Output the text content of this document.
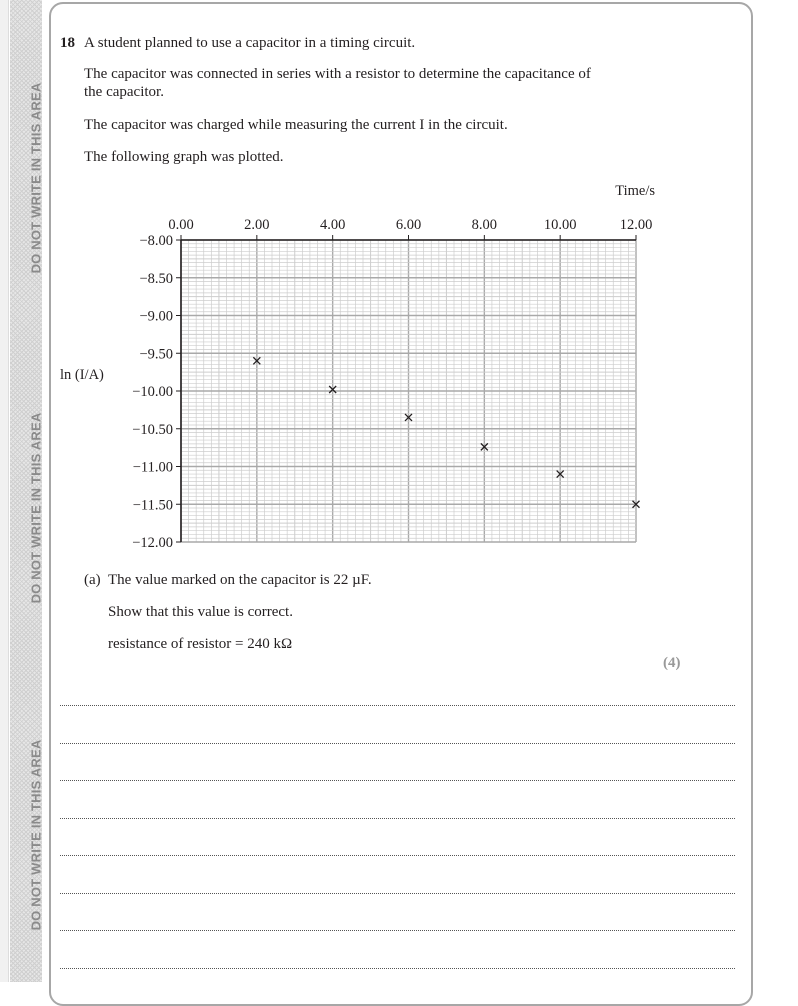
DO NOT WRITE IN THIS AREA
DO NOT WRITE IN THIS AREA
DO NOT WRITE IN THIS AREA
18 A student planned to use a capacitor in a timing circuit.
The capacitor was connected in series with a resistor to determine the capacitance of
the capacitor.
The capacitor was charged while measuring the current I in the circuit.
The following graph was plotted.
0.00	2.00	4.00	6.00	8.00	10.00	12.00
−8.00
−8.50
−9.00
−9.50
−10.00
−10.50
−11.00
−11.50
−12.00
Time/s
ln (I/A)
(a) The value marked on the capacitor is 22 µF.
Show that this value is correct.
resistance of resistor = 240 kΩ
(4)
